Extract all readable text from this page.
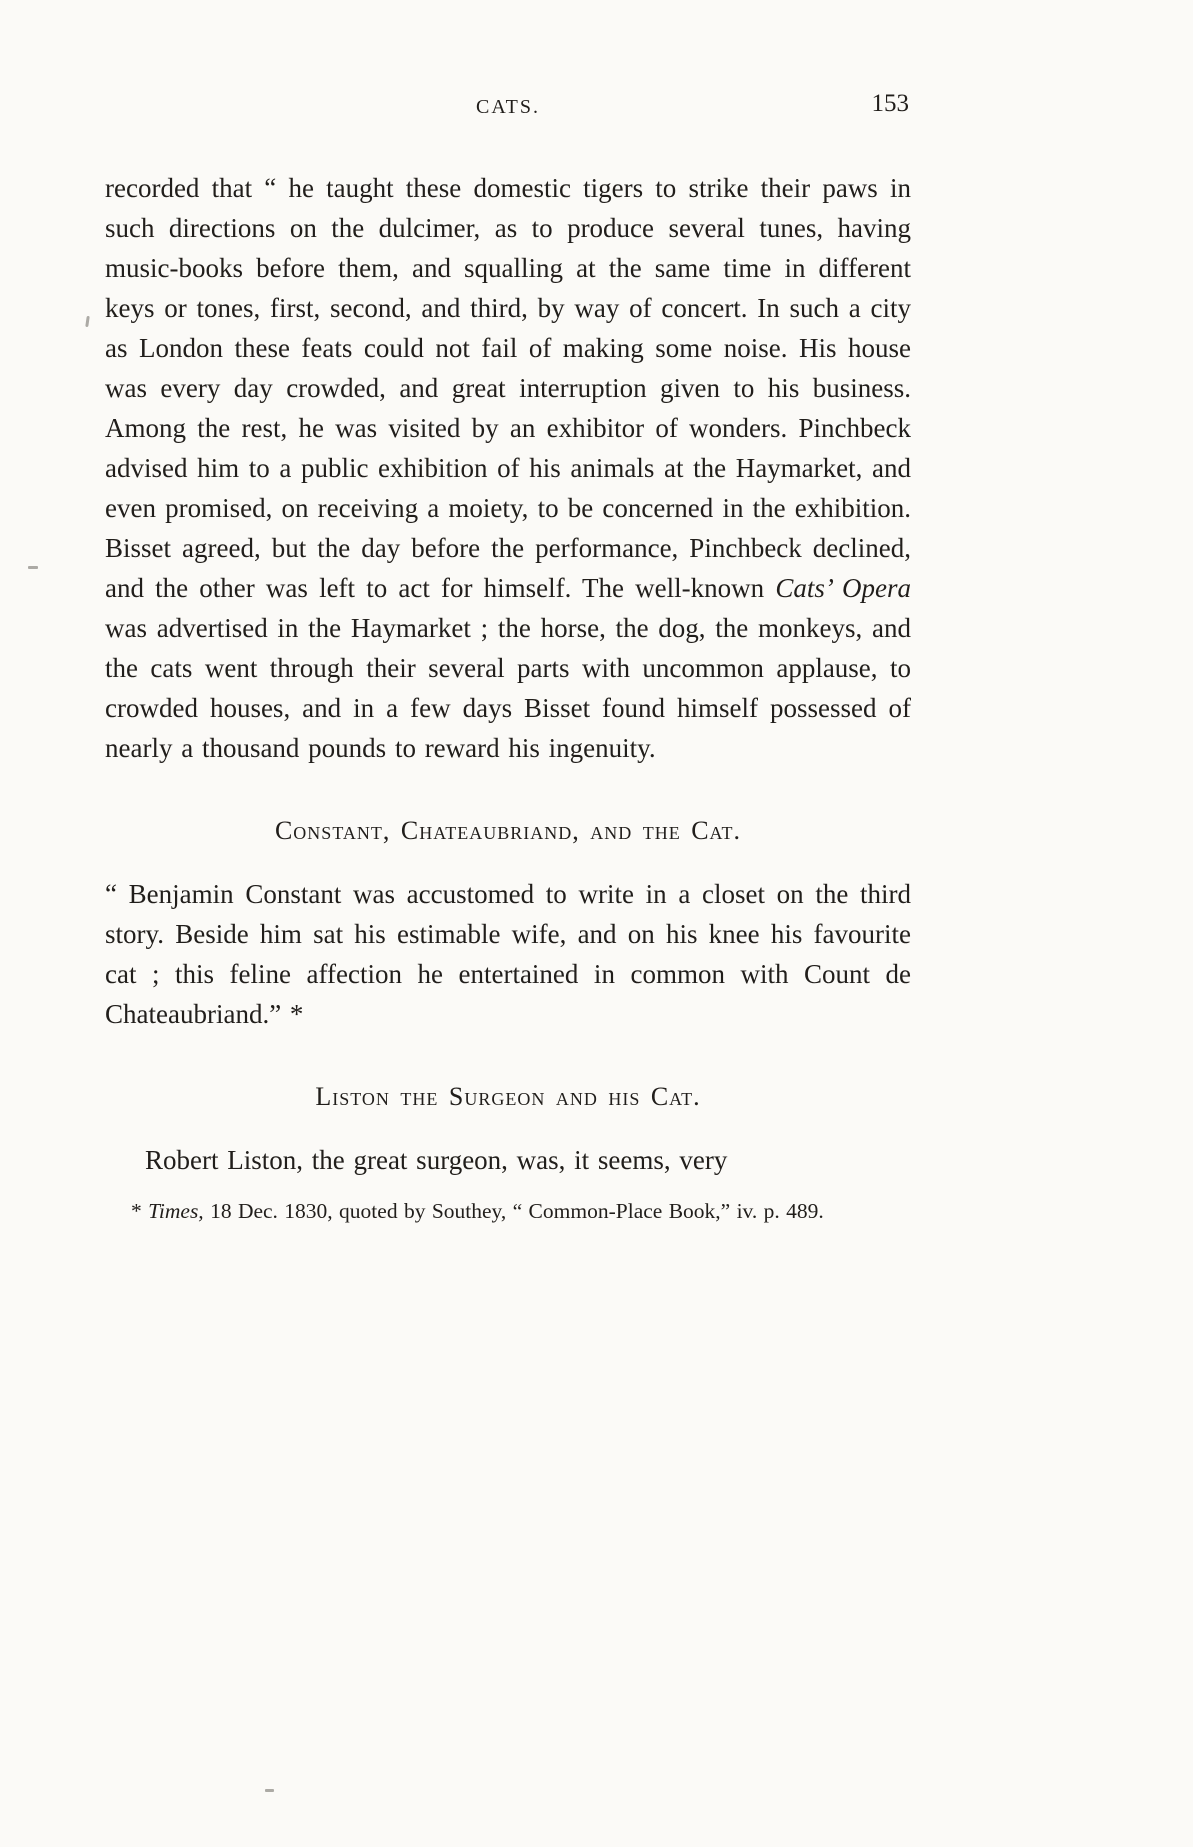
CATS.	153

recorded that “ he taught these domestic tigers to strike their paws in such directions on the dulcimer, as to produce several tunes, having music-books before them, and squalling at the same time in different keys or tones, first, second, and third, by way of concert. In such a city as London these feats could not fail of making some noise. His house was every day crowded, and great interruption given to his business. Among the rest, he was visited by an exhibitor of wonders. Pinchbeck advised him to a public exhibition of his animals at the Haymarket, and even promised, on receiving a moiety, to be concerned in the exhibition. Bisset agreed, but the day before the performance, Pinchbeck declined, and the other was left to act for himself. The well-known Cats’ Opera was advertised in the Haymarket ; the horse, the dog, the monkeys, and the cats went through their several parts with uncommon applause, to crowded houses, and in a few days Bisset found himself possessed of nearly a thousand pounds to reward his ingenuity.

Constant, Chateaubriand, and the Cat.

“ Benjamin Constant was accustomed to write in a closet on the third story. Beside him sat his estimable wife, and on his knee his favourite cat ; this feline affection he entertained in common with Count de Chateaubriand.” *

Liston the Surgeon and his Cat.

Robert Liston, the great surgeon, was, it seems, very

* Times, 18 Dec. 1830, quoted by Southey, “ Common-Place Book,” iv. p. 489.
